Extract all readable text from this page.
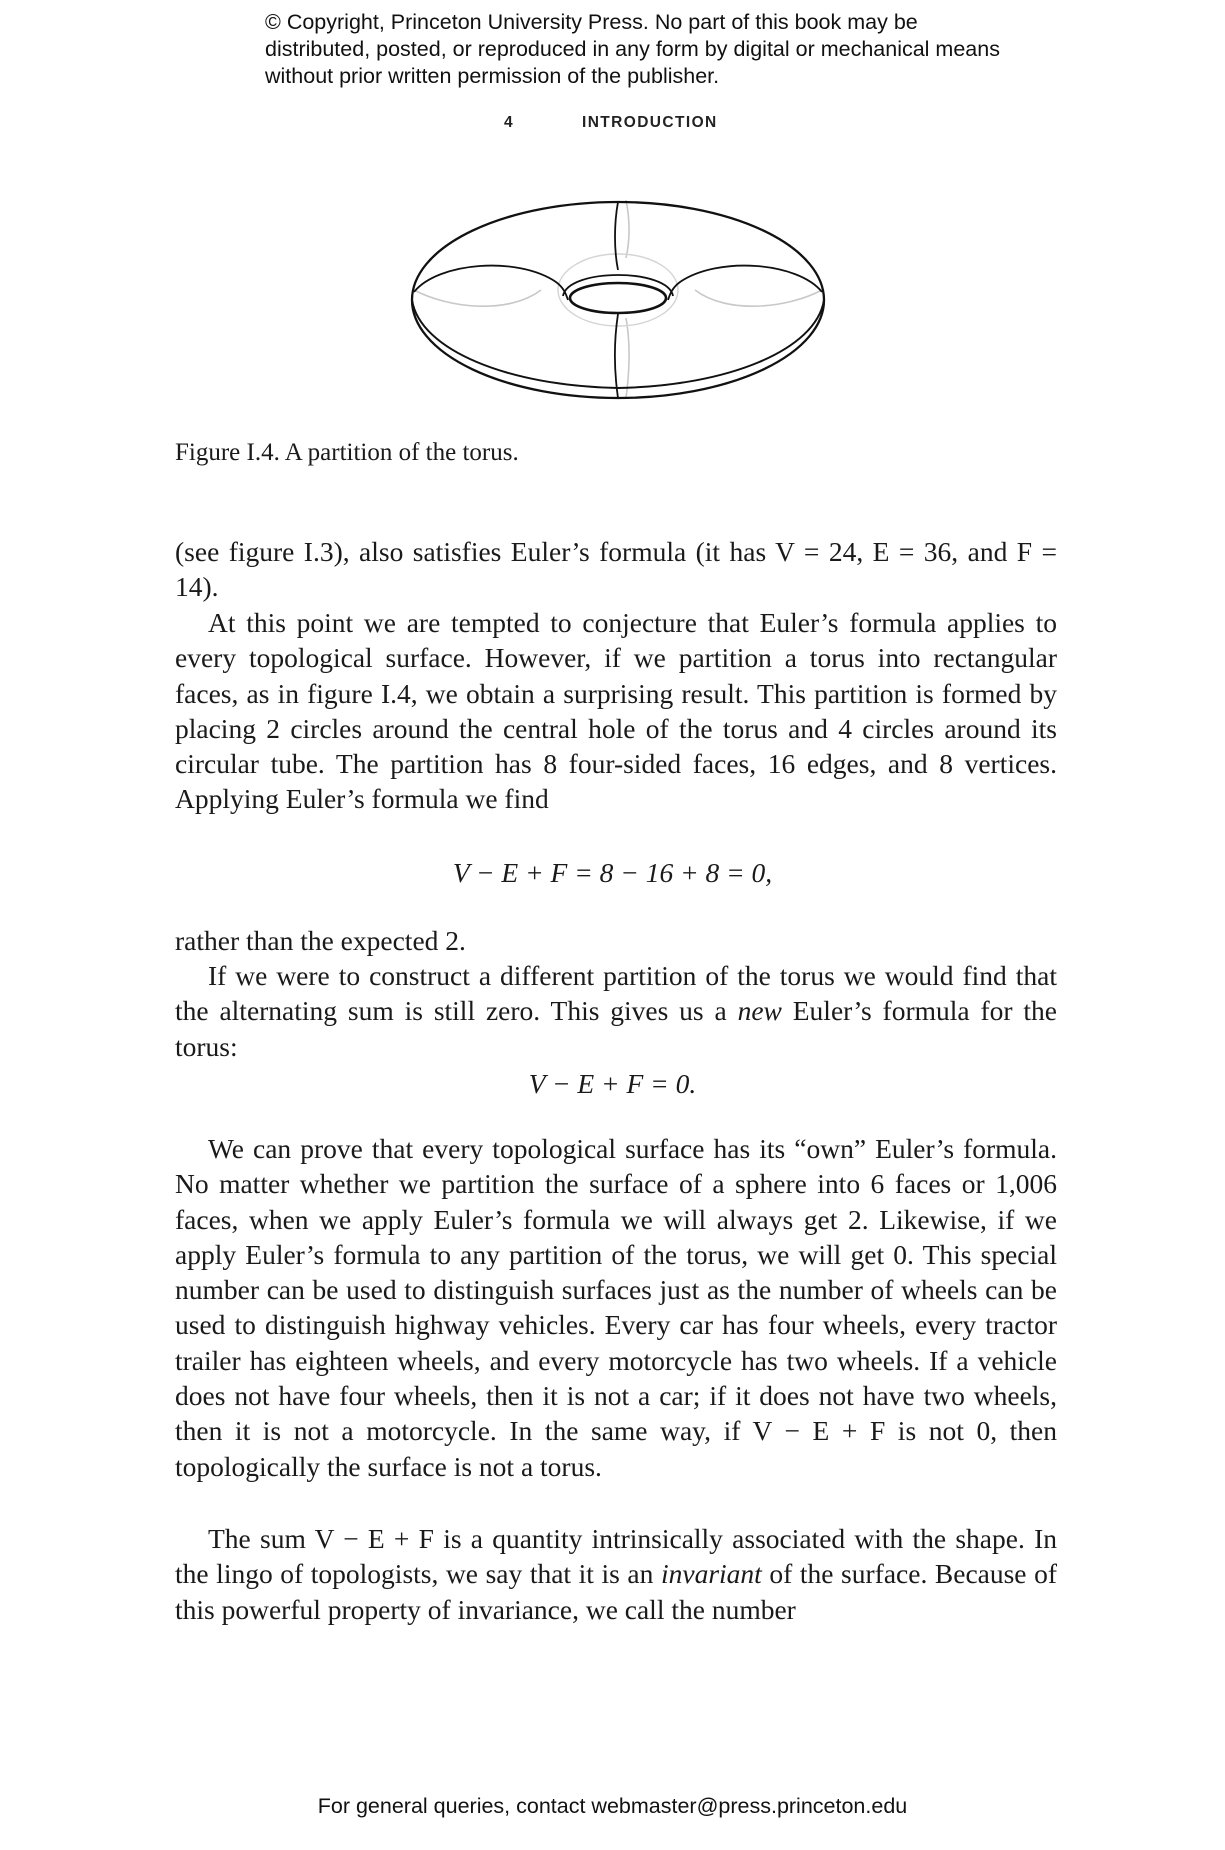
© Copyright, Princeton University Press. No part of this book may be distributed, posted, or reproduced in any form by digital or mechanical means without prior written permission of the publisher.

4	INTRODUCTION

Figure I.4. A partition of the torus.

(see figure I.3), also satisfies Euler’s formula (it has V = 24, E = 36, and F = 14).

At this point we are tempted to conjecture that Euler’s formula applies to every topological surface. However, if we partition a torus into rectangular faces, as in figure I.4, we obtain a surprising result. This partition is formed by placing 2 circles around the central hole of the torus and 4 circles around its circular tube. The partition has 8 four-sided faces, 16 edges, and 8 vertices. Applying Euler’s formula we find

V − E + F = 8 − 16 + 8 = 0,

rather than the expected 2.

If we were to construct a different partition of the torus we would find that the alternating sum is still zero. This gives us a new Euler’s formula for the torus:

V − E + F = 0.

We can prove that every topological surface has its “own” Euler’s formula. No matter whether we partition the surface of a sphere into 6 faces or 1,006 faces, when we apply Euler’s formula we will always get 2. Likewise, if we apply Euler’s formula to any partition of the torus, we will get 0. This special number can be used to distinguish surfaces just as the number of wheels can be used to distinguish highway vehicles. Every car has four wheels, every tractor trailer has eighteen wheels, and every motorcycle has two wheels. If a vehicle does not have four wheels, then it is not a car; if it does not have two wheels, then it is not a motorcycle. In the same way, if V − E + F is not 0, then topologically the surface is not a torus.

The sum V − E + F is a quantity intrinsically associated with the shape. In the lingo of topologists, we say that it is an invariant of the surface. Because of this powerful property of invariance, we call the number

For general queries, contact webmaster@press.princeton.edu
